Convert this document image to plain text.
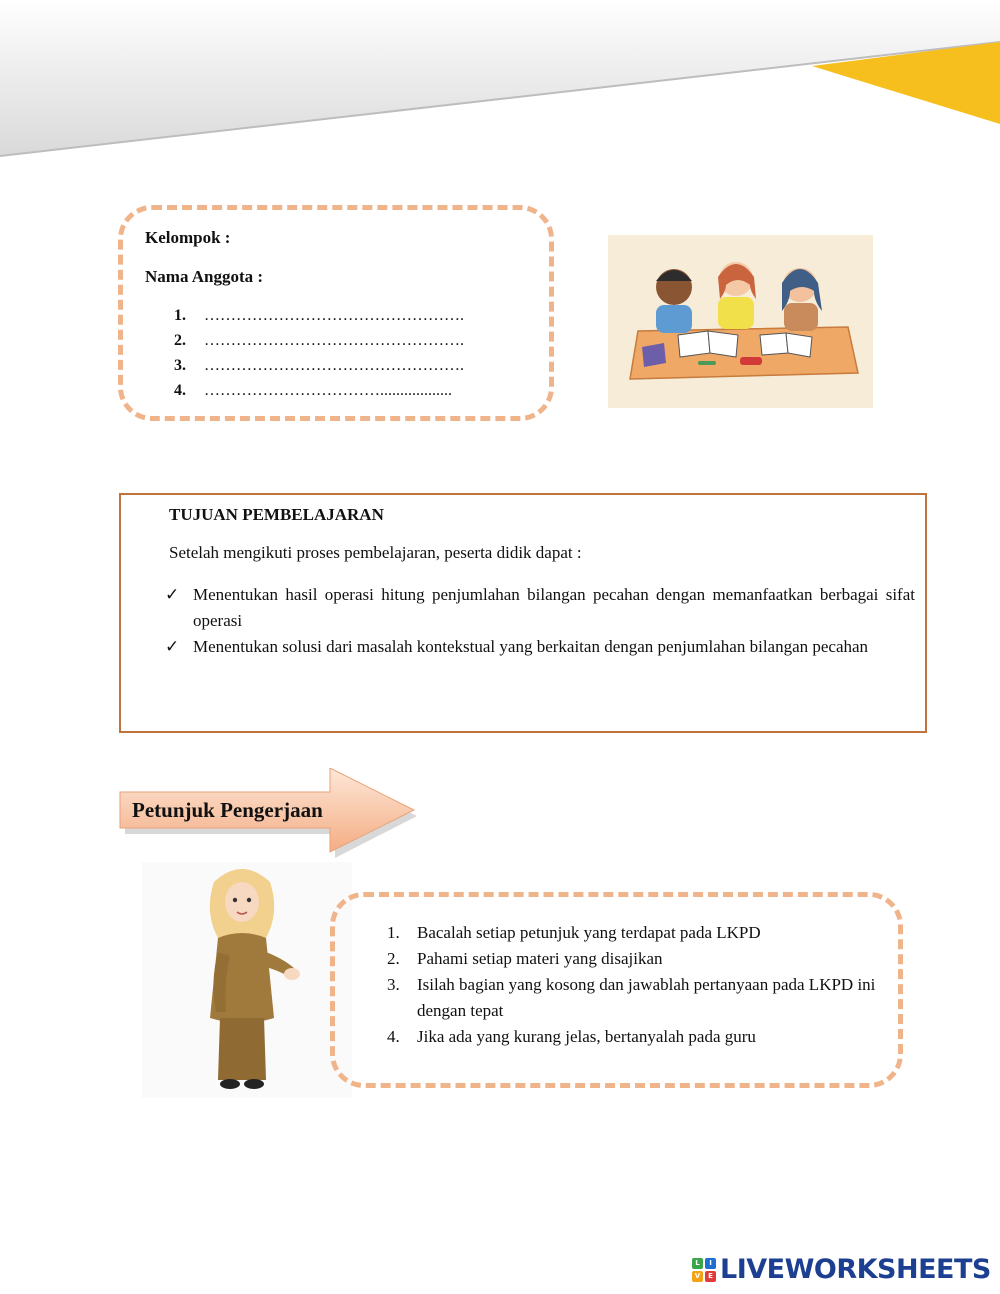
Kelompok :
Nama Anggota :
1.	………………………………………….
2.	………………………………………….
3.	………………………………………….
4.	……………………………..................
TUJUAN PEMBELAJARAN
Setelah mengikuti proses pembelajaran, peserta didik dapat :
✓ Menentukan hasil operasi hitung penjumlahan bilangan pecahan dengan memanfaatkan berbagai sifat operasi
✓ Menentukan solusi dari masalah kontekstual yang berkaitan dengan penjumlahan bilangan pecahan
Petunjuk Pengerjaan
1.	Bacalah setiap petunjuk yang terdapat pada LKPD
2.	Pahami setiap materi yang disajikan
3.	Isilah bagian yang kosong dan jawablah pertanyaan pada LKPD ini dengan tepat
4.	Jika ada yang kurang jelas, bertanyalah pada guru
L	I
V	E LIVEWORKSHEETS
